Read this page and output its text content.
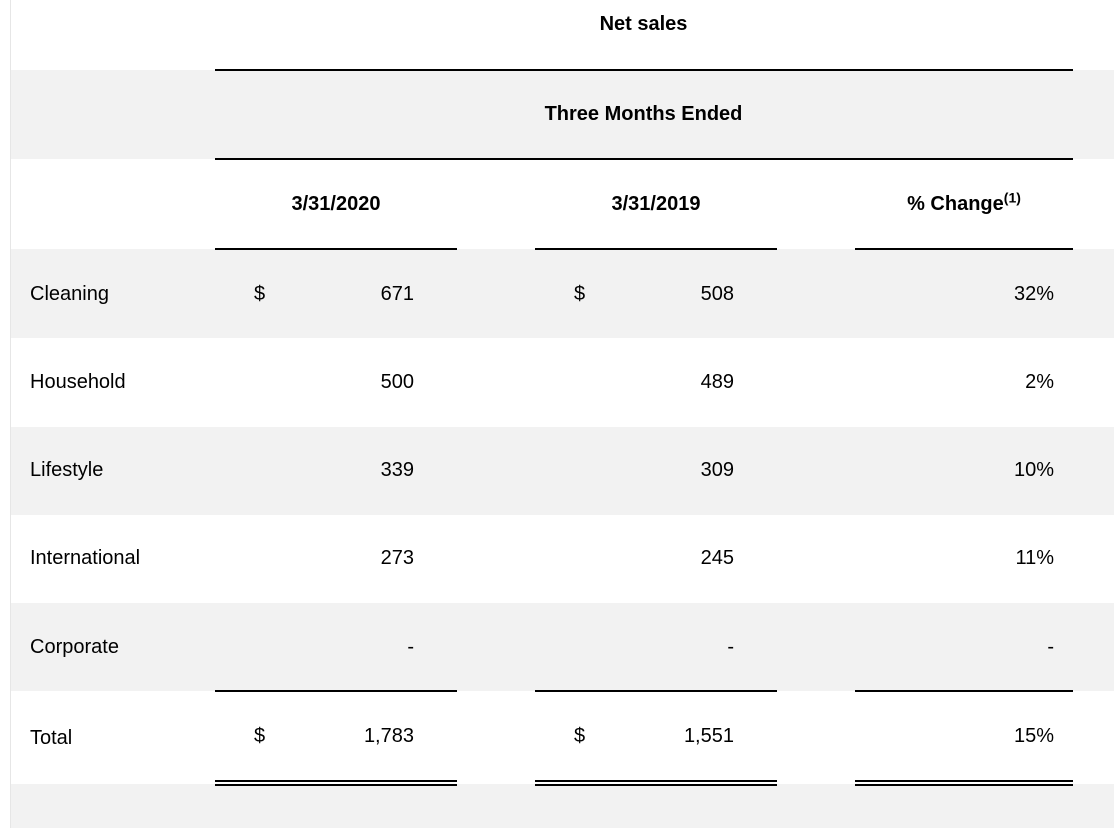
Net sales
Three Months Ended
3/31/2020	3/31/2019	% Change$^{(1)}$
Cleaning	$	671	$	508	32%
Household	500	489	2%
Lifestyle	339	309	10%
International	273	245	11%
Corporate	-	-	-
Total	$	1,783	$	1,551	15%
